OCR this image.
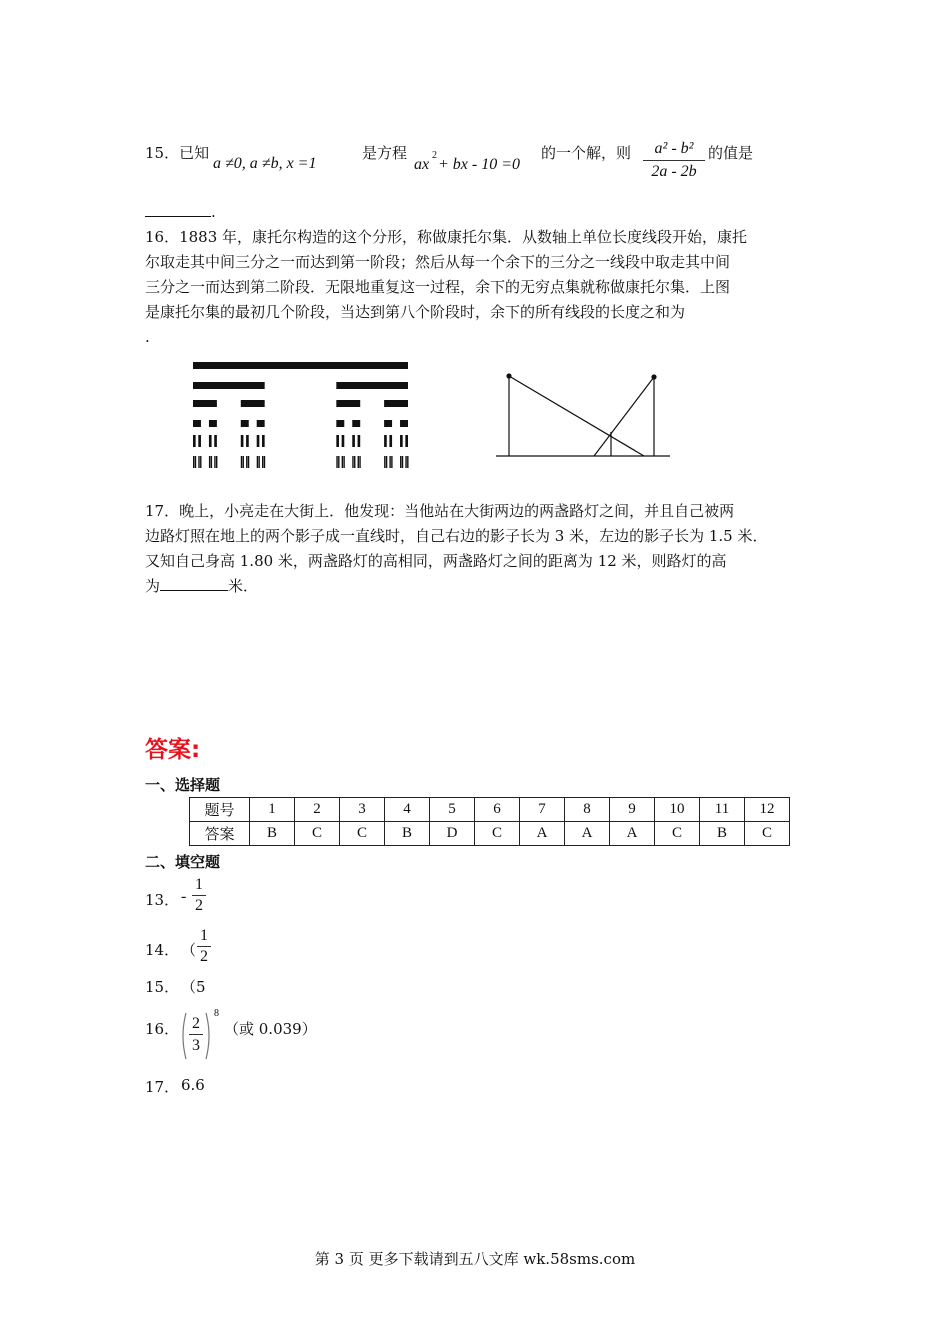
15．已知
a ≠0, a ≠b, x =1
是方程
ax
2
+ bx - 10 =0
的一个解，则	a² - b²
2a - 2b
的值是
.
16．1883 年，康托尔构造的这个分形，称做康托尔集．从数轴上单位长度线段开始，康托
尔取走其中间三分之一而达到第一阶段；然后从每一个余下的三分之一线段中取走其中间
三分之一而达到第二阶段．无限地重复这一过程，余下的无穷点集就称做康托尔集．上图
是康托尔集的最初几个阶段，当达到第八个阶段时，余下的所有线段的长度之和为
.
17．晚上，小亮走在大街上．他发现：当他站在大街两边的两盏路灯之间，并且自己被两
边路灯照在地上的两个影子成一直线时，自己右边的影子长为 3 米，左边的影子长为 1.5 米．
又知自己身高 1.80 米，两盏路灯的高相同，两盏路灯之间的距离为 12 米，则路灯的高
为	米．
答案:
一、选择题
题号	1	2	3	4	5	6	7	8	9	10	11	12
答案	B	C	C	B	D	C	A	A	A	C	B	C
二、填空题
13． -
1
2
14． （
1
2
15． （5
16． 2
3
8
（或 0.039）
17． 6.6
第 3 页 更多下载请到五八文库 wk.58sms.com
